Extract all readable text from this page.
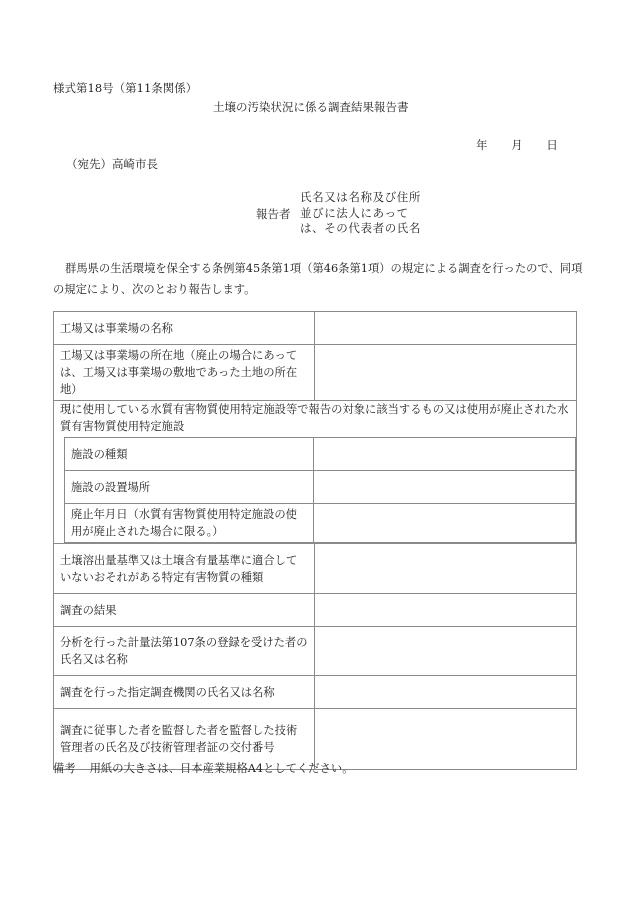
様式第18号（第11条関係）
土壌の汚染状況に係る調査結果報告書
年 月 日
（宛先）高崎市長
報告者
氏名又は名称及び住所
並びに法人にあって
は、その代表者の氏名
群馬県の生活環境を保全する条例第45条第1項（第46条第1項）の規定による調査を行ったので、同項の規定により、次のとおり報告します。
工場又は事業場の名称	
工場又は事業場の所在地（廃止の場合にあっては、工場又は事業場の敷地であった土地の所在地）	

現に使用している水質有害物質使用特定施設等で報告の対象に該当するもの又は使用が廃止された水質有害物質使用特定施設
施設の種類	
施設の設置場所	
廃止年月日（水質有害物質使用特定施設の使用が廃止された場合に限る。）	

土壌溶出量基準又は土壌含有量基準に適合していないおそれがある特定有害物質の種類	
調査の結果	
分析を行った計量法第107条の登録を受けた者の氏名又は名称	
調査を行った指定調査機関の氏名又は名称	
調査に従事した者を監督した者を監督した技術管理者の氏名及び技術管理者証の交付番号	
備考 用紙の大きさは、日本産業規格A4としてください。
